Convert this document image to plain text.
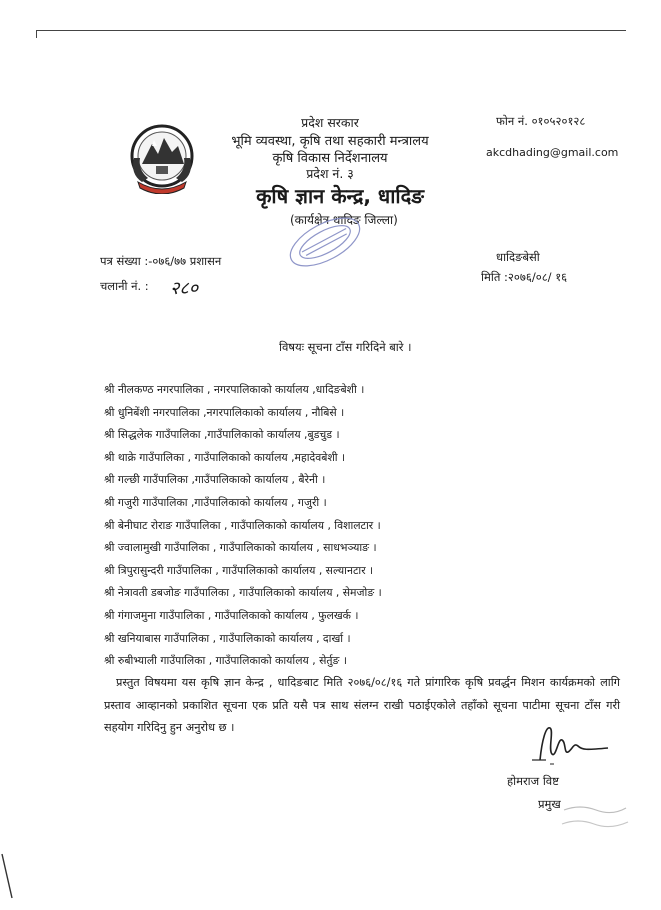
प्रदेश सरकार
भूमि व्यवस्था, कृषि तथा सहकारी मन्त्रालय
कृषि विकास निर्देशनालय
प्रदेश नं. ३
कृषि ज्ञान केन्द्र, धादिङ
(कार्यक्षेत्र धादिङ जिल्ला)
फोन नं. ०१०५२०१२८
akcdhading@gmail.com
पत्र संख्या :-०७६/७७ प्रशासन
चलानी नं. : २८०
धादिङबेसी
मिति :२०७६/०८/ १६
विषयः सूचना टाँस गरिदिने बारे ।
श्री नीलकण्ठ नगरपालिका , नगरपालिकाको कार्यालय ,धादिङबेशी ।
श्री धुनिबेंशी नगरपालिका ,नगरपालिकाको कार्यालय , नौबिसे ।
श्री सिद्धलेक गाउँपालिका ,गाउँपालिकाको कार्यालय ,बुडचुड ।
श्री थाक्रे गाउँपालिका , गाउँपालिकाको कार्यालय ,महादेवबेशी ।
श्री गल्छी गाउँपालिका ,गाउँपालिकाको कार्यालय , बैरेनी ।
श्री गजुरी गाउँपालिका ,गाउँपालिकाको कार्यालय , गजुरी ।
श्री बेनीघाट रोराङ गाउँपालिका , गाउँपालिकाको कार्यालय , विशालटार ।
श्री ज्वालामुखी गाउँपालिका , गाउँपालिकाको कार्यालय , साधभञ्याङ ।
श्री त्रिपुरासुन्दरी गाउँपालिका , गाउँपालिकाको कार्यालय , सल्यानटार ।
श्री नेत्रावती डबजोङ गाउँपालिका , गाउँपालिकाको कार्यालय , सेमजोङ ।
श्री गंगाजमुना गाउँपालिका , गाउँपालिकाको कार्यालय , फुलखर्क ।
श्री खनियाबास गाउँपालिका , गाउँपालिकाको कार्यालय , दार्खा ।
श्री रुबीभ्याली गाउँपालिका , गाउँपालिकाको कार्यालय , सेर्तुङ ।

प्रस्तुत विषयमा यस कृषि ज्ञान केन्द्र , धादिङबाट मिति २०७६/०८/१६ गते प्रांगारिक कृषि प्रवर्द्धन मिशन कार्यक्रमको लागि प्रस्ताव आव्हानको प्रकाशित सूचना एक प्रति यसै पत्र साथ संलग्न राखी पठाईएकोले तहाँको सूचना पाटीमा सूचना टाँस गरी सहयोग गरिदिनु हुन अनुरोध छ ।

होमराज विष्ट
प्रमुख
